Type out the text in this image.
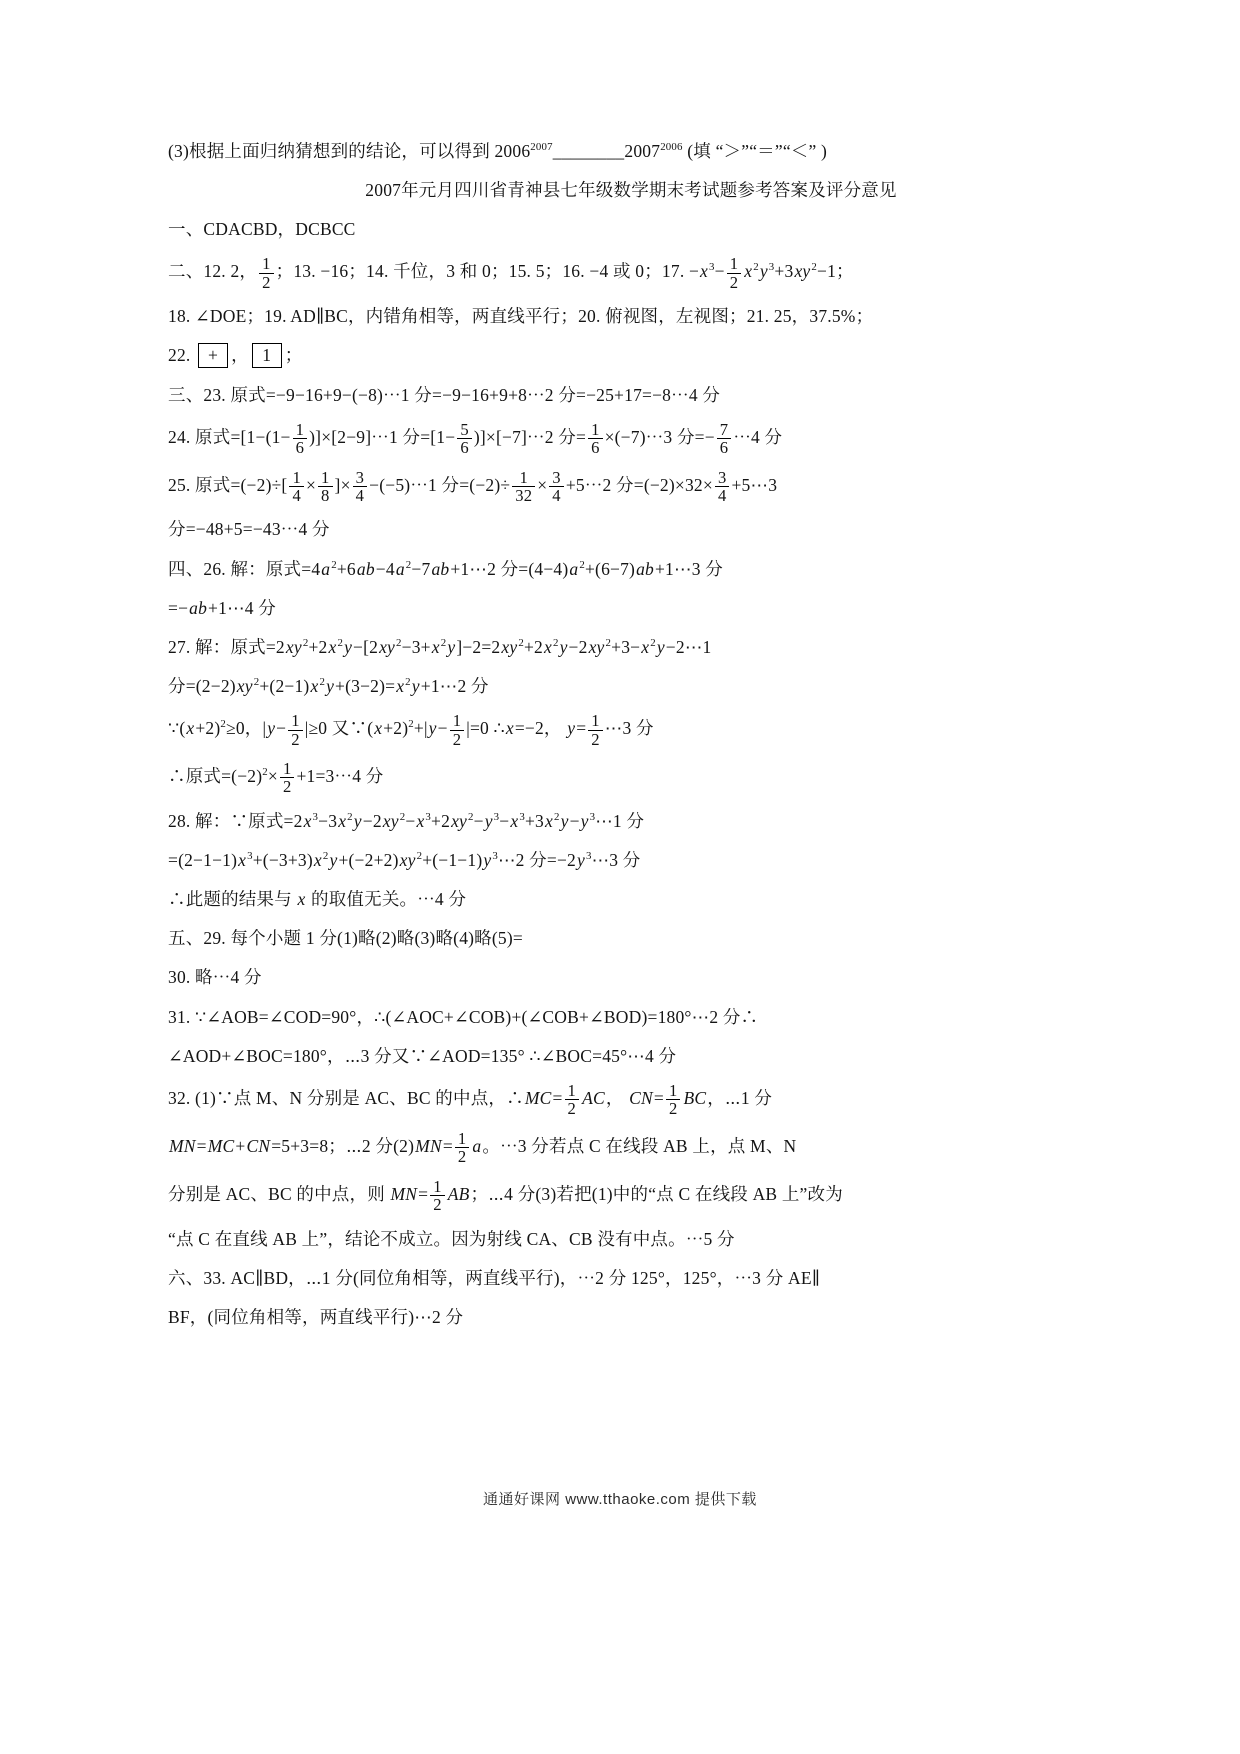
(3)根据上面归纳猜想到的结论，可以得到 $2006^{2007}\_\_\_\_\_\_\_\_2007^{2006}$ (填 “＞”“＝”“＜” )

2007年元月四川省青神县七年级数学期末考试题参考答案及评分意见

一、CDACBD，DCBCC

二、12. 2， $\frac{1}{2}$ ；13. −16；14. 千位，3 和 0；15. 5；16. −4 或 0；17. $-x^3- \frac{1}{2} x^2y^3+3xy^2-1$；

18. ∠DOE；19. AD∥BC，内错角相等，两直线平行；20. 俯视图，左视图；21. 25，37.5%；

22. + ， 1 ；

三、23. 原式=−9−16+9−(−8)⋯1 分=−9−16+9+8⋯2 分=−25+17=−8⋯4 分

24. 原式$=[1-(1- \frac{1}{6}$ )]×[2−9]⋯1 分$=[1- \frac{5}{6}$ )]×[−7]⋯2 分= $\frac{1}{6}$ ×(−7)⋯3 分=− $\frac{7}{6}$ ⋯4 分

25. 原式$=(-2)\div[ \frac{1}{4} \times \frac{1}{8}$ ]× $\frac{3}{4}$ −(−5)⋯1 分$=(-2)\div \frac{1}{32} \times \frac{3}{4}$ +5⋯2 分$=(-2)\times 32\times \frac{3}{4}$ +5⋯3

分=−48+5=−43⋯4 分

四、26. 解：原式$=4a^2+6ab-4a^2-7ab+1\cdots 2$ 分$=(4-4)a^2+(6-7)ab+1\cdots 3$ 分

=−ab+1⋯4 分

27. 解：原式$=2xy^2+2x^2y-[2xy^2-3+x^2y]-2=2xy^2+2x^2y-2xy^2+3-x^2y-2\cdots 1$

分$=(2-2)xy^2+(2-1)x^2y+(3-2)=x^2y+1\cdots 2$ 分

$\because(x+2)^2\ge 0$，$|y- \frac{1}{2} |\ge 0$ 又$\because(x+2)^2+|y- \frac{1}{2} |=0$ ∴x=−2， $y= \frac{1}{2}$ ⋯3 分

∴原式$=(-2)^2\times \frac{1}{2}$ +1=3⋯4 分

28. 解：∵原式$=2x^3-3x^2y-2xy^2-x^3+2xy^2-y^3-x^3+3x^2y-y^3\cdots 1$ 分

$=(2-1-1)x^3+(-3+3)x^2y+(-2+2)xy^2+(-1-1)y^3\cdots 2$ 分$=-2y^3\cdots 3$ 分

∴此题的结果与 x 的取值无关。⋯4 分

五、29. 每个小题 1 分(1)略(2)略(3)略(4)略(5)=

30. 略⋯4 分

31. ∵∠AOB=∠COD=90°，∴(∠AOC+∠COB)+(∠COB+∠BOD)=180°⋯2 分∴

∠AOD+∠BOC=180°，⋯3 分又∵∠AOD=135° ∴∠BOC=45°⋯4 分

32. (1)∵点 M、N 分别是 AC、BC 的中点，∴MC= $\frac{1}{2}$ AC， $CN= \frac{1}{2}$ BC，⋯1 分

MN=MC+CN=5+3=8；⋯2 分$(2)MN= \frac{1}{2}$ a。⋯3 分若点 C 在线段 AB 上，点 M、N

分别是 AC、BC 的中点，则 $MN= \frac{1}{2}$ AB；⋯4 分(3)若把(1)中的“点 C 在线段 AB 上”改为

“点 C 在直线 AB 上”，结论不成立。因为射线 CA、CB 没有中点。⋯5 分

六、33. AC∥BD，⋯1 分(同位角相等，两直线平行)，⋯2 分 125°，125°，⋯3 分 AE∥

BF，(同位角相等，两直线平行)⋯2 分

通通好课网 www.tthaoke.com 提供下载
